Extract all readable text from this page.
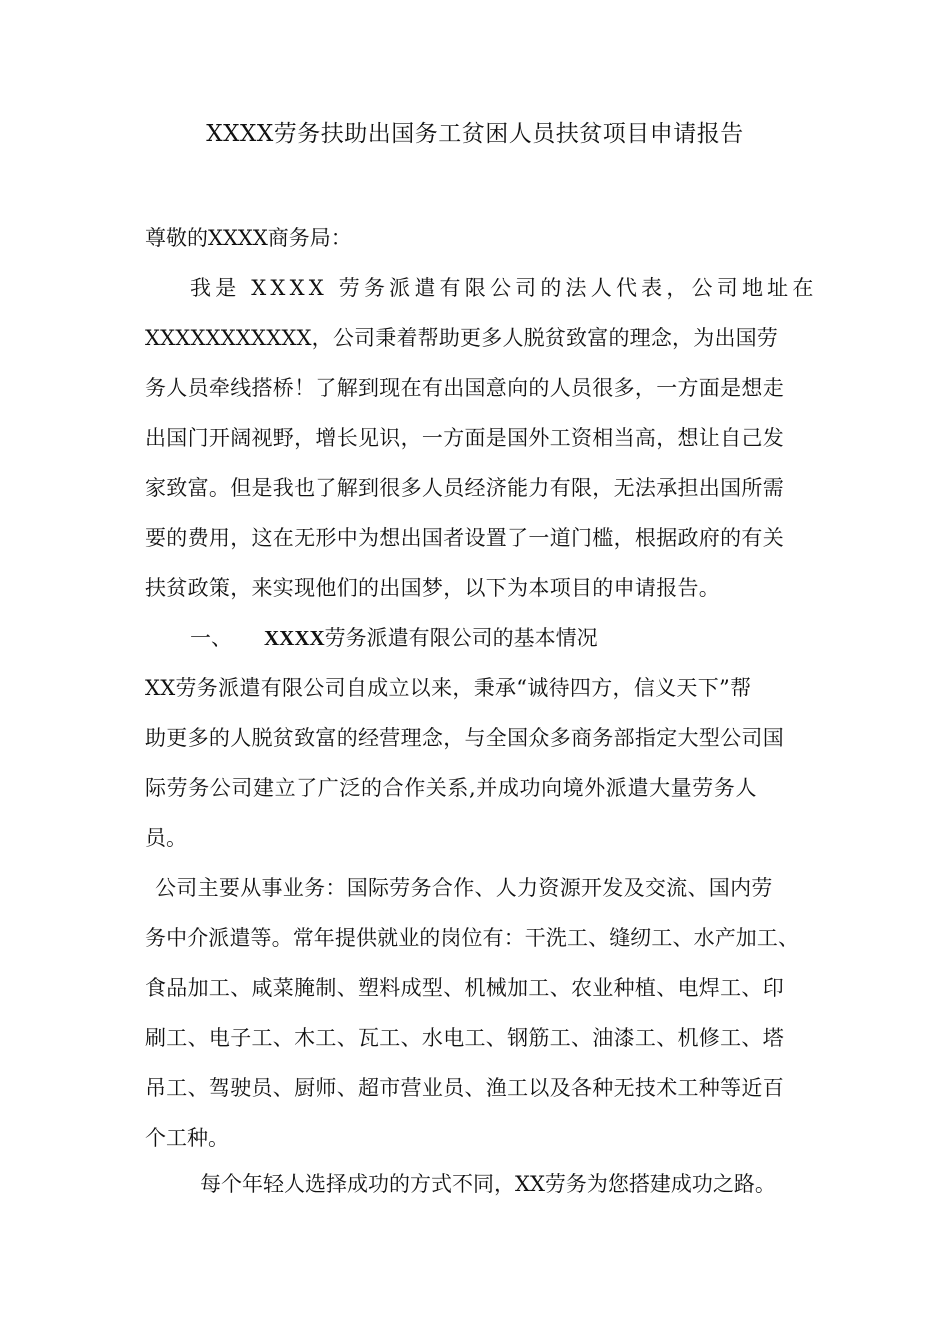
XXXX劳务扶助出国务工贫困人员扶贫项目申请报告
尊敬的XXXX商务局：
我是 XXXX 劳务派遣有限公司的法人代表，公司地址在
XXXXXXXXXXX，公司秉着帮助更多人脱贫致富的理念，为出国劳
务人员牵线搭桥！了解到现在有出国意向的人员很多，一方面是想走
出国门开阔视野，增长见识，一方面是国外工资相当高，想让自己发
家致富。但是我也了解到很多人员经济能力有限，无法承担出国所需
要的费用，这在无形中为想出国者设置了一道门槛，根据政府的有关
扶贫政策，来实现他们的出国梦，以下为本项目的申请报告。
一、 XXXX劳务派遣有限公司的基本情况
XX劳务派遣有限公司自成立以来，秉承“诚待四方，信义天下”帮
助更多的人脱贫致富的经营理念，与全国众多商务部指定大型公司国
际劳务公司建立了广泛的合作关系,并成功向境外派遣大量劳务人
员。
公司主要从事业务：国际劳务合作、人力资源开发及交流、国内劳
务中介派遣等。常年提供就业的岗位有：干洗工、缝纫工、水产加工、
食品加工、咸菜腌制、塑料成型、机械加工、农业种植、电焊工、印
刷工、电子工、木工、瓦工、水电工、钢筋工、油漆工、机修工、塔
吊工、驾驶员、厨师、超市营业员、渔工以及各种无技术工种等近百
个工种。
每个年轻人选择成功的方式不同，XX劳务为您搭建成功之路。
